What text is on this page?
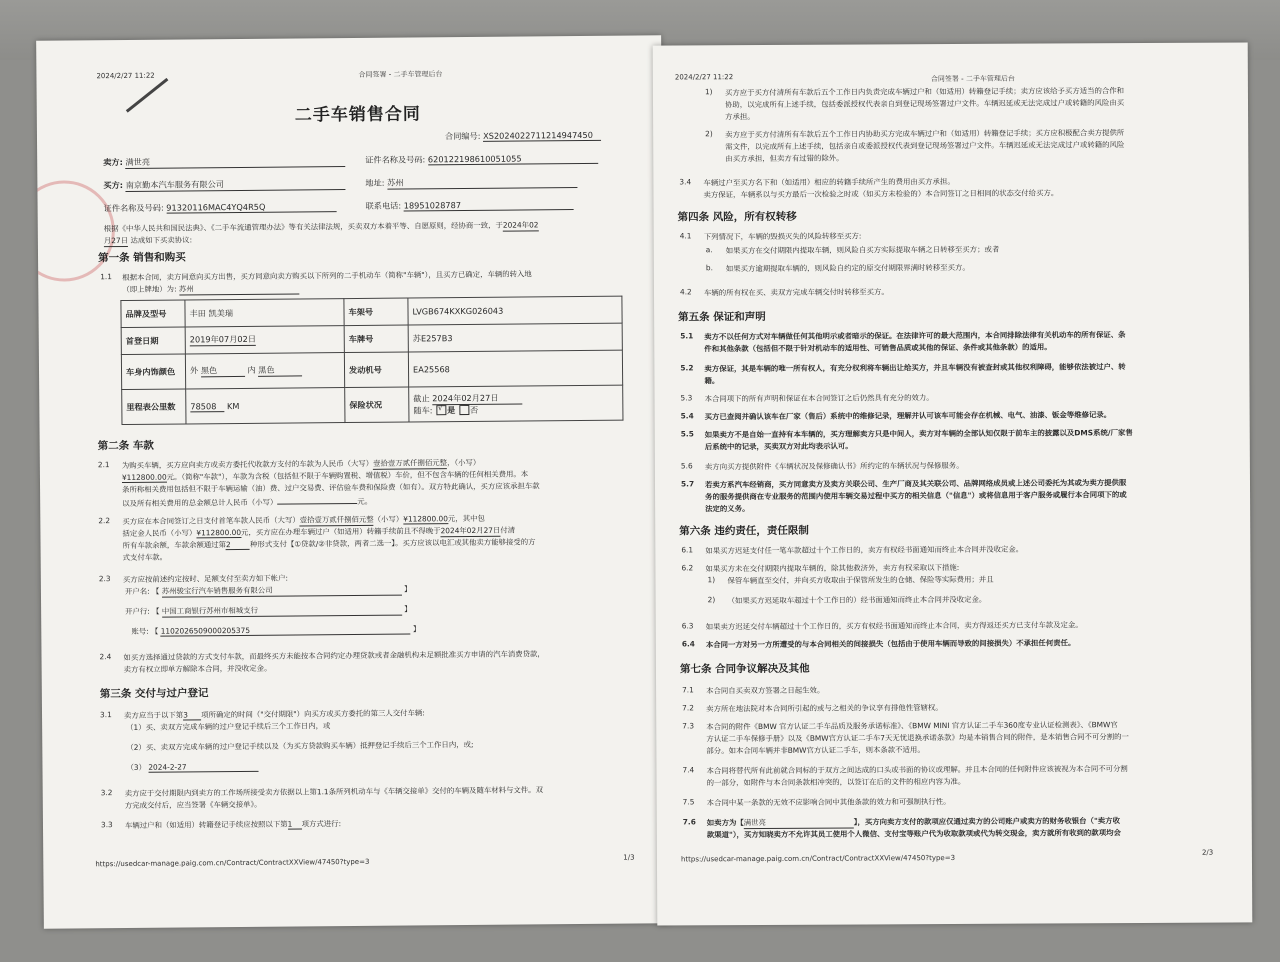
2024/2/27 11:22	合同签署 - 二手车管理后台
二手车销售合同
合同编号: XS2024022711214947450
卖方: 满世亮	证件名称及号码: 620122198610051055
买方: 南京勤本汽车服务有限公司	地址: 苏州
证件名称及号码: 91320116MAC4YQ4R5Q	联系电话: 18951028787
根据《中华人民共和国民法典》、《二手车流通管理办法》等有关法律法规，买卖双方本着平等、自愿原则，经协商一致，于2024年02
月27日 达成如下买卖协议:
第一条 销售和购买
1.1 根据本合同，卖方同意向买方出售，买方同意向卖方购买以下所列的二手机动车（简称"车辆"），且买方已确定，车辆的转入地
（即上牌地）为: 苏州
品牌及型号	丰田 凯美瑞	车架号	LVGB674KXKG026043
首登日期	2019年07月02日	车牌号	苏E257B3
车身内饰颜色	外 黑色 内 黑色	发动机号	EA25568
里程表公里数	78508 KM	保险状况	截止 2024年02月27日
随车: √ 是 否
第二条 车款
2.1 为购买车辆，买方应向卖方或卖方委托代收款方支付的车款为人民币（大写）壹拾壹万贰仟捌佰元整，（小写）
¥112800.00元。（简称"车款"），车款为含税（包括但不限于车辆购置税、增值税）车价，但不包含车辆的任何相关费用。本
条所称相关费用包括但不限于车辆运输（油）费、过户交易费、评估验车费和保险费（如有）。双方特此确认，买方应该承担车款
以及所有相关费用的总金额总计人民币（小写）	元。
2.2 买方应在本合同签订之日支付首笔车款人民币（大写）壹拾壹万贰仟捌佰元整（小写）¥112800.00元，其中包
括定金人民币（小写）¥112800.00元，买方应在办理车辆过户（如适用）转籍手续前且不得晚于2024年02月27日付清
所有车款余额，车款余额通过第2	种形式支付【①贷款/②非贷款，两者二选一】。买方应该以电汇或其他卖方能够接受的方
式支付车款。
2.3 买方应按前述约定按时、足额支付至卖方如下帐户:
开户名: 【 苏州骏宝行汽车销售服务有限公司	】
开户行: 【 中国工商银行苏州市相城支行	】
账号: 【 1102026509000205375	】
2.4 如买方选择通过贷款的方式支付车款，而最终买方未能按本合同约定办理贷款或者金融机构未足额批准买方申请的汽车消费贷款，
卖方有权立即单方解除本合同，并没收定金。
第三条 交付与过户登记
3.1 卖方应当于以下第3 项所确定的时间（"交付期限"）向买方或买方委托的第三人交付车辆:
（1）买、卖双方完成车辆的过户登记手续后三个工作日内，或
（2）买、卖双方完成车辆的过户登记手续以及（为买方贷款购买车辆）抵押登记手续后三个工作日内，或;
（3） 2024-2-27
3.2 卖方应于交付期限内到卖方的工作场所接受卖方依据以上第1.1条所列机动车与《车辆交接单》交付的车辆及随车材料与文件。双
方完成交付后，应当签署《车辆交接单》。
3.3 车辆过户和（如适用）转籍登记手续应按照以下第1 项方式进行:
https://usedcar-manage.paig.com.cn/Contract/ContractXXView/47450?type=3
1/3
2024/2/27 11:22	合同签署 - 二手车管理后台
1) 买方应于买方付清所有车款后五个工作日内负责完成车辆过户和（如适用）转籍登记手续；卖方应该给予买方适当的合作和
协助，以完成所有上述手续，包括委派授权代表亲自到登记现场签署过户文件。车辆迟延或无法完成过户或转籍的风险由买
方承担。
2) 卖方应于买方付清所有车款后五个工作日内协助买方完成车辆过户和（如适用）转籍登记手续；买方应积极配合卖方提供所
需文件，以完成所有上述手续，包括亲自或委派授权代表到登记现场签署过户文件。车辆迟延或无法完成过户或转籍的风险
由买方承担，但卖方有过错的除外。
3.4 车辆过户至买方名下和（如适用）相应的转籍手续所产生的费用由买方承担。
卖方保证，车辆系以与买方最后一次检验之时或（如买方未检验的）本合同签订之日相同的状态交付给买方。
第四条 风险，所有权转移
4.1 下列情况下，车辆的毁损灭失的风险转移至买方:
a. 如果买方在交付期限内提取车辆，则风险自买方实际提取车辆之日转移至买方；或者
b. 如果买方逾期提取车辆的，则风险自约定的原交付期限界满时转移至买方。
4.2 车辆的所有权在买、卖双方完成车辆交付时转移至买方。
第五条 保证和声明
5.1 卖方不以任何方式对车辆做任何其他明示或者暗示的保证。在法律许可的最大范围内，本合同排除法律有关机动车的所有保证、条
件和其他条款（包括但不限于针对机动车的适用性、可销售品质或其他的保证、条件或其他条款）的适用。
5.2 卖方保证，其是车辆的唯一所有权人，有充分权利将车辆出让给买方，并且车辆没有被查封或其他权利障碍，能够依法被过户、转
籍。
5.3 本合同项下的所有声明和保证在本合同签订之后仍然具有充分的效力。
5.4 买方已查阅并确认该车在厂家（售后）系统中的维修记录，理解并认可该车可能会存在机械、电气、油漆、钣金等维修记录。
5.5 如果卖方不是自始一直持有本车辆的，买方理解卖方只是中间人，卖方对车辆的全部认知仅限于前车主的披露以及DMS系统/厂家售
后系统中的记录，买卖双方对此均表示认可。
5.6 卖方向买方提供附件《车辆状况及保修确认书》所约定的车辆状况与保修服务。
5.7 若卖方系汽车经销商，买方同意卖方及卖方关联公司、生产厂商及其关联公司、品牌网络成员或上述公司委托为其或为卖方提供服
务的服务提供商在专业服务的范围内使用车辆交易过程中买方的相关信息（"信息"）或将信息用于客户服务或履行本合同项下的或
法定的义务。
第六条 违约责任，责任限制
6.1 如果买方迟延支付任一笔车款超过十个工作日的，卖方有权经书面通知而终止本合同并没收定金。
6.2 如果买方未在交付期限内提取车辆的，除其他救济外，卖方有权采取以下措施:
1) 保管车辆直至交付，并向买方收取由于保管所发生的仓储、保险等实际费用；并且
2) （如果买方迟延取车超过十个工作日的）经书面通知而终止本合同并没收定金。
6.3 如果卖方迟延交付车辆超过十个工作日的，买方有权经书面通知而终止本合同，卖方得返还买方已支付车款及定金。
6.4 本合同一方对另一方所遭受的与本合同相关的间接损失（包括由于使用车辆而导致的间接损失）不承担任何责任。
第七条 合同争议解决及其他
7.1 本合同自买卖双方签署之日起生效。
7.2 卖方所在地法院对本合同所引起的或与之相关的争议享有排他性管辖权。
7.3 本合同的附件《BMW 官方认证二手车品质及服务承诺标准》、《BMW MINI 官方认证二手车360度专业认证检测表》、《BMW官
方认证二手车保修手册》以及《BMW官方认证二手车7天无忧退换承诺条款》均是本销售合同的附件，是本销售合同不可分割的一
部分。如本合同车辆并非BMW官方认证二手车，则本条款不适用。
7.4 本合同将替代所有此前就合同标的于双方之间达成的口头或书面的协议或理解。并且本合同的任何附件应该被视为本合同不可分割
的一部分，如附件与本合同条款相冲突的，以签订在后的文件的相应内容为准。
7.5 本合同中某一条款的无效不应影响合同中其他条款的效力和可强制执行性。
7.6 如卖方为【满世亮	】，买方向卖方支付的款项应仅通过卖方的公司账户或卖方的财务收银台（"卖方收
款渠道"），买方知晓卖方不允许其员工使用个人微信、支付宝等账户代为收取款项或代为转交现金，卖方就所有收到的款项均会
https://usedcar-manage.paig.com.cn/Contract/ContractXXView/47450?type=3
2/3
